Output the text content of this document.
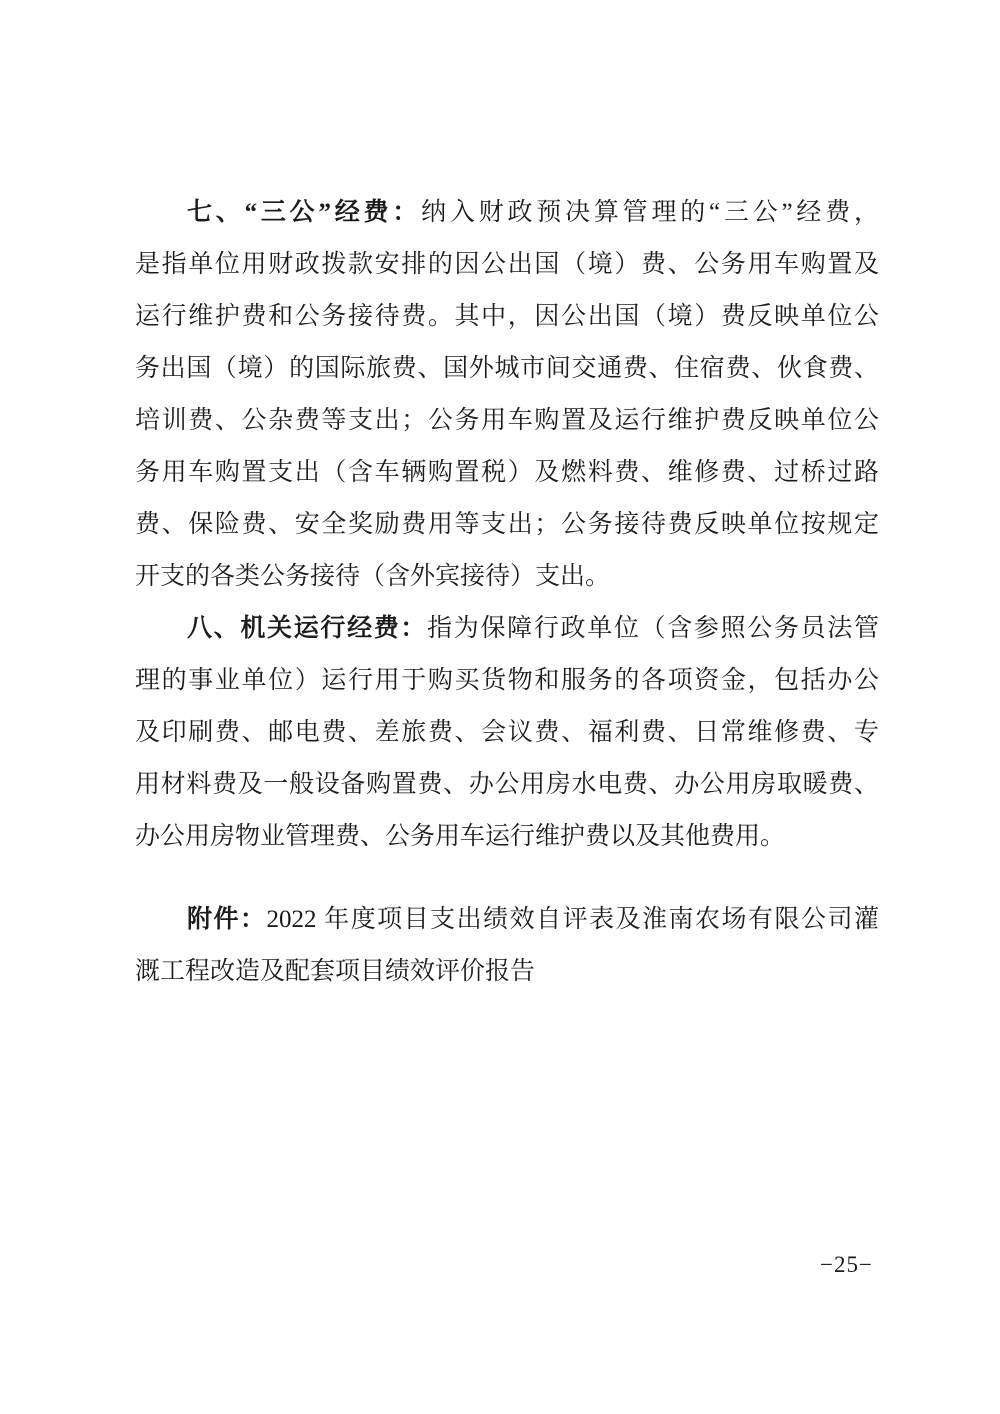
七、“三公”经费：纳入财政预决算管理的“三公”经费，
是指单位用财政拨款安排的因公出国（境）费、公务用车购置及
运行维护费和公务接待费。其中，因公出国（境）费反映单位公
务出国（境）的国际旅费、国外城市间交通费、住宿费、伙食费、
培训费、公杂费等支出；公务用车购置及运行维护费反映单位公
务用车购置支出（含车辆购置税）及燃料费、维修费、过桥过路
费、保险费、安全奖励费用等支出；公务接待费反映单位按规定
开支的各类公务接待（含外宾接待）支出。
八、机关运行经费：指为保障行政单位（含参照公务员法管
理的事业单位）运行用于购买货物和服务的各项资金，包括办公
及印刷费、邮电费、差旅费、会议费、福利费、日常维修费、专
用材料费及一般设备购置费、办公用房水电费、办公用房取暖费、
办公用房物业管理费、公务用车运行维护费以及其他费用。
附件：2022 年度项目支出绩效自评表及淮南农场有限公司灌
溉工程改造及配套项目绩效评价报告
−25−
